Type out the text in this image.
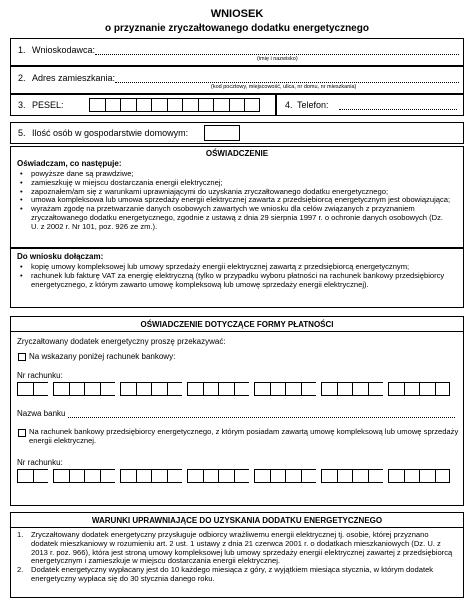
WNIOSEK
o przyznanie zryczałtowanego dodatku energetycznego
1. Wnioskodawca:
(imię i nazwisko)
2. Adres zamieszkania:
(kod pocztowy, miejscowość, ulica, nr domu, nr mieszkania)
3. PESEL:	4. Telefon:
5. Ilość osób w gospodarstwie domowym:
OŚWIADCZENIE
Oświadczam, co następuje:
• powyższe dane są prawdziwe;
• zamieszkuję w miejscu dostarczania energii elektrycznej;
• zapoznałem/am się z warunkami uprawniającymi do uzyskania zryczałtowanego dodatku energetycznego;
• umowa kompleksowa lub umowa sprzedaży energii elektrycznej zawarta z przedsiębiorcą energetycznym jest obowiązująca;
• wyrażam zgodę na przetwarzanie danych osobowych zawartych we wniosku dla celów związanych z przyznaniem zryczałtowanego dodatku energetycznego, zgodnie z ustawą z dnia 29 sierpnia 1997 r. o ochronie danych osobowych (Dz. U. z 2002 r. Nr 101, poz. 926 ze zm.).
Do wniosku dołączam:
• kopię umowy kompleksowej lub umowy sprzedaży energii elektrycznej zawartą z przedsiębiorcą energetycznym;
• rachunek lub fakturę VAT za energię elektryczną (tylko w przypadku wyboru płatności na rachunek bankowy przedsiębiorcy energetycznego, z którym zawarto umowę kompleksową lub umowę sprzedaży energii elektrycznej).
OŚWIADCZENIE DOTYCZĄCE FORMY PŁATNOŚCI
Zryczałtowany dodatek energetyczny proszę przekazywać:
Na wskazany poniżej rachunek bankowy:
Nr rachunku:
Nazwa banku
Na rachunek bankowy przedsiębiorcy energetycznego, z którym posiadam zawartą umowę kompleksową lub umowę sprzedaży energii elektrycznej.
Nr rachunku:
WARUNKI UPRAWNIAJĄCE DO UZYSKANIA DODATKU ENERGETYCZNEGO
1. Zryczałtowany dodatek energetyczny przysługuje odbiorcy wrażliwemu energii elektrycznej tj. osobie, której przyznano dodatek mieszkaniowy w rozumieniu art. 2 ust. 1 ustawy z dnia 21 czerwca 2001 r. o dodatkach mieszkaniowych (Dz. U. z 2013 r. poz. 966), która jest stroną umowy kompleksowej lub umowy sprzedaży energii elektrycznej zawartej z przedsiębiorcą energetycznym i zamieszkuje w miejscu dostarczania energii elektrycznej.
2. Dodatek energetyczny wypłacany jest do 10 każdego miesiąca z góry, z wyjątkiem miesiąca stycznia, w którym dodatek energetyczny wypłaca się do 30 stycznia danego roku.
